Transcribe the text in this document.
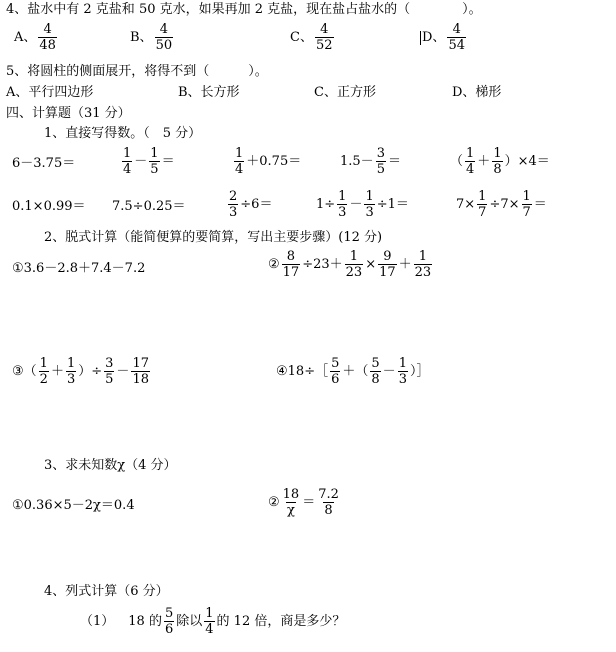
4、盐水中有 2 克盐和 50 克水，如果再加 2 克盐，现在盐占盐水的（　　　　）。
A、 $\frac{4}{48}$	B、 $\frac{4}{50}$	C、 $\frac{4}{52}$	D、 $\frac{4}{54}$
5、将圆柱的侧面展开，将得不到（　　　）。
A、平行四边形	B、长方形	C、正方形	D、梯形
四、计算题（31 分）
1、直接写得数。（　5 分）
6－3.75＝	$\frac{1}{4} - \frac{1}{5}$ ＝	$\frac{1}{4} +0.75=$	$1.5- \frac{3}{5}$ ＝	（ $\frac{1}{4} + \frac{1}{8} )\times 4=$
0.1×0.99＝ 7.5÷0.25＝	$\frac{2}{3} \div 6=$	$1\div \frac{1}{3} - \frac{1}{3} \div 1=$	$7\times \frac{1}{7} \div 7\times \frac{1}{7}$ ＝
2、脱式计算（能简便算的要简算，写出主要步骤）(12 分)
①3.6－2.8＋7.4－7.2	② $\frac{8}{17} \div 23+ \frac{1}{23} \times \frac{9}{17} + \frac{1}{23}$
③（ $\frac{1}{2} + \frac{1}{3}$ ）÷ $\frac{3}{5} - \frac{17}{18}$	④18÷［ $\frac{5}{6}$ ＋（ $\frac{5}{8} - \frac{1}{3}$ ）］
3、求未知数χ（4 分）
①0.36×5－2χ＝0.4	② $\frac{18}{\chi} = \frac{7.2}{8}$
4、列式计算（6 分）
（1） 18 的 $\frac{5}{6}$ 除以 $\frac{1}{4}$ 的 12 倍，商是多少？
